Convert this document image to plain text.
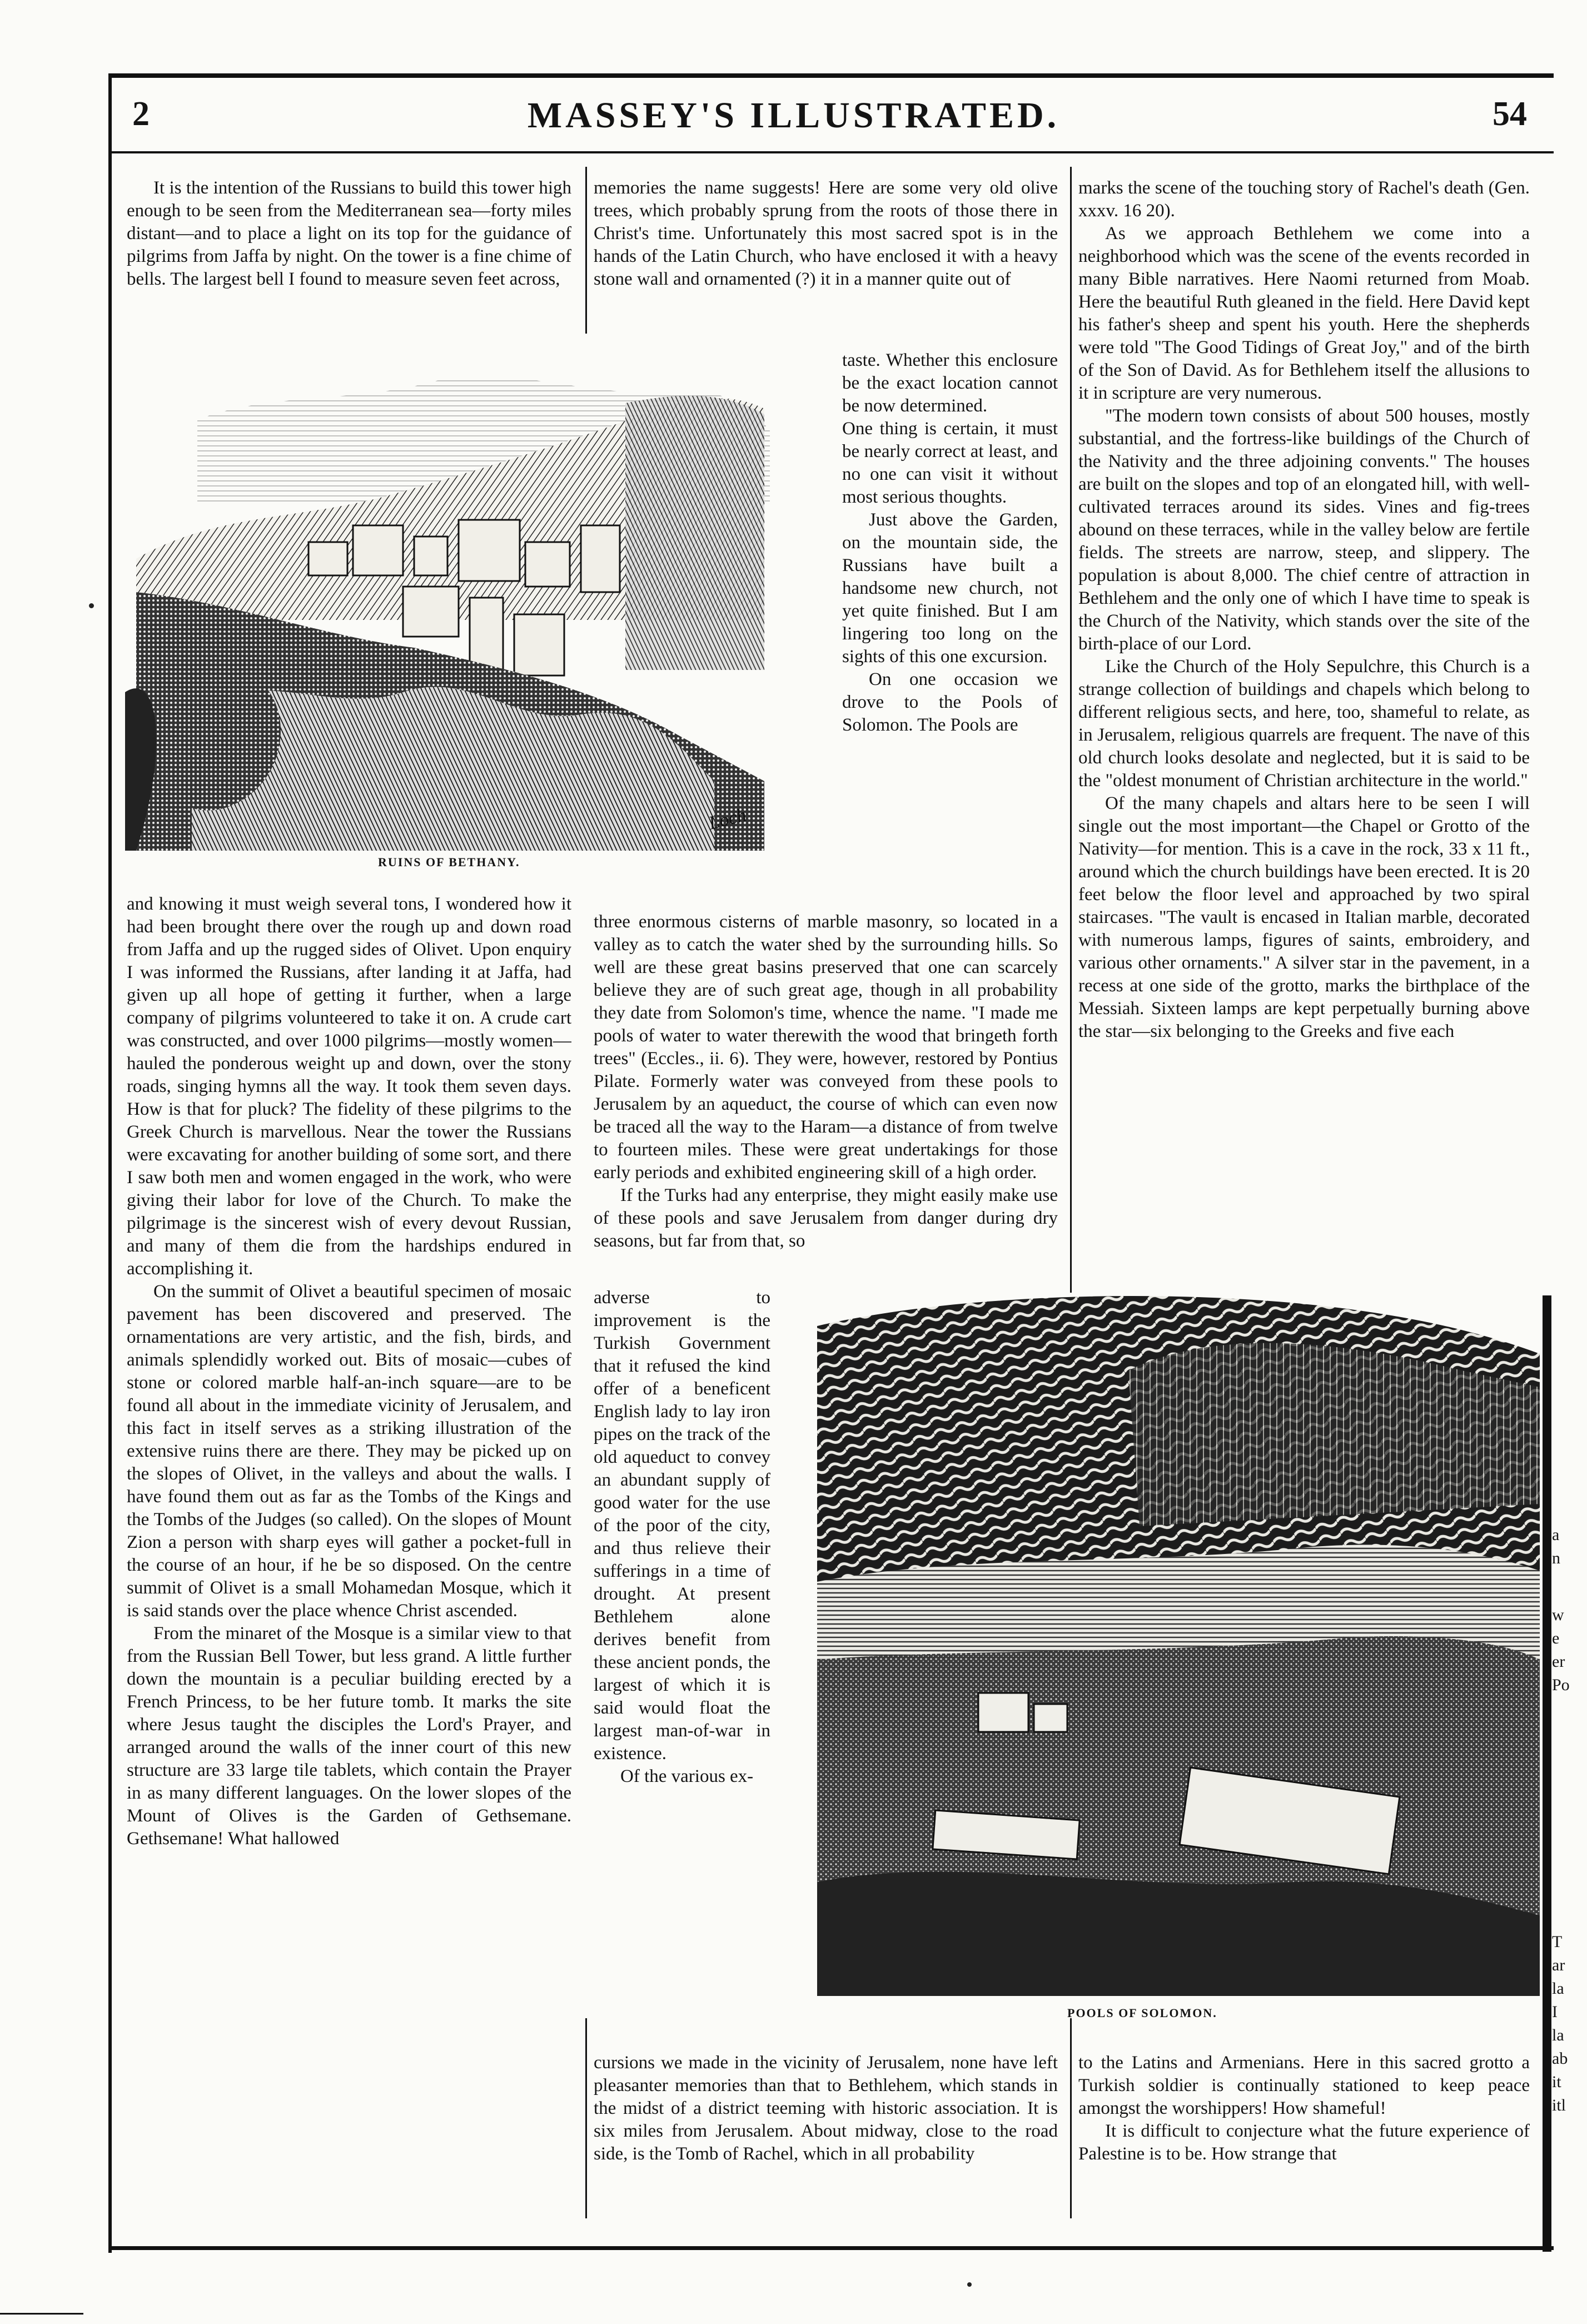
2	MASSEY'S ILLUSTRATED.	54

It is the intention of the Russians to build this tower high enough to be seen from the Mediterranean sea—forty miles distant—and to place a light on its top for the guidance of pilgrims from Jaffa by night. On the tower is a fine chime of bells. The largest bell I found to measure seven feet across,

Loch
RUINS OF BETHANY.

and knowing it must weigh several tons, I wondered how it had been brought there over the rough up and down road from Jaffa and up the rugged sides of Olivet. Upon enquiry I was informed the Russians, after landing it at Jaffa, had given up all hope of getting it further, when a large company of pilgrims volunteered to take it on. A crude cart was constructed, and over 1000 pilgrims—mostly women—hauled the ponderous weight up and down, over the stony roads, singing hymns all the way. It took them seven days. How is that for pluck? The fidelity of these pilgrims to the Greek Church is marvellous. Near the tower the Russians were excavating for another building of some sort, and there I saw both men and women engaged in the work, who were giving their labor for love of the Church. To make the pilgrimage is the sincerest wish of every devout Russian, and many of them die from the hardships endured in accomplishing it.

On the summit of Olivet a beautiful specimen of mosaic pavement has been discovered and preserved. The ornamentations are very artistic, and the fish, birds, and animals splendidly worked out. Bits of mosaic—cubes of stone or colored marble half-an-inch square—are to be found all about in the immediate vicinity of Jerusalem, and this fact in itself serves as a striking illustration of the extensive ruins there are there. They may be picked up on the slopes of Olivet, in the valleys and about the walls. I have found them out as far as the Tombs of the Kings and the Tombs of the Judges (so called). On the slopes of Mount Zion a person with sharp eyes will gather a pocket-full in the course of an hour, if he be so disposed. On the centre summit of Olivet is a small Mohamedan Mosque, which it is said stands over the place whence Christ ascended.

From the minaret of the Mosque is a similar view to that from the Russian Bell Tower, but less grand. A little further down the mountain is a peculiar building erected by a French Princess, to be her future tomb. It marks the site where Jesus taught the disciples the Lord's Prayer, and arranged around the walls of the inner court of this new structure are 33 large tile tablets, which contain the Prayer in as many different languages. On the lower slopes of the Mount of Olives is the Garden of Gethsemane. Gethsemane! What hallowed

memories the name suggests! Here are some very old olive trees, which probably sprung from the roots of those there in Christ's time. Unfortunately this most sacred spot is in the hands of the Latin Church, who have enclosed it with a heavy stone wall and ornamented (?) it in a manner quite out of

taste. Whether this enclosure be the exact location cannot be now determined.

One thing is certain, it must be nearly correct at least, and no one can visit it without most serious thoughts.

Just above the Garden, on the mountain side, the Russians have built a handsome new church, not yet quite finished. But I am lingering too long on the sights of this one excursion.

On one occasion we drove to the Pools of Solomon. The Pools are

three enormous cisterns of marble masonry, so located in a valley as to catch the water shed by the surrounding hills. So well are these great basins preserved that one can scarcely believe they are of such great age, though in all probability they date from Solomon's time, whence the name. "I made me pools of water to water therewith the wood that bringeth forth trees" (Eccles., ii. 6). They were, however, restored by Pontius Pilate. Formerly water was conveyed from these pools to Jerusalem by an aqueduct, the course of which can even now be traced all the way to the Haram—a distance of from twelve to fourteen miles. These were great undertakings for those early periods and exhibited engineering skill of a high order.

If the Turks had any enterprise, they might easily make use of these pools and save Jerusalem from danger during dry seasons, but far from that, so

adverse to improvement is the Turkish Government that it refused the kind offer of a beneficent English lady to lay iron pipes on the track of the old aqueduct to convey an abundant supply of good water for the use of the poor of the city, and thus relieve their sufferings in a time of drought. At present Bethlehem alone derives benefit from these ancient ponds, the largest of which it is said would float the largest man-of-war in existence.

Of the various ex-

cursions we made in the vicinity of Jerusalem, none have left pleasanter memories than that to Bethlehem, which stands in the midst of a district teeming with historic association. It is six miles from Jerusalem. About midway, close to the road side, is the Tomb of Rachel, which in all probability

POOLS OF SOLOMON.

marks the scene of the touching story of Rachel's death (Gen. xxxv. 16 20).

As we approach Bethlehem we come into a neighborhood which was the scene of the events recorded in many Bible narratives. Here Naomi returned from Moab. Here the beautiful Ruth gleaned in the field. Here David kept his father's sheep and spent his youth. Here the shepherds were told "The Good Tidings of Great Joy," and of the birth of the Son of David. As for Bethlehem itself the allusions to it in scripture are very numerous.

"The modern town consists of about 500 houses, mostly substantial, and the fortress-like buildings of the Church of the Nativity and the three adjoining convents." The houses are built on the slopes and top of an elongated hill, with well-cultivated terraces around its sides. Vines and fig-trees abound on these terraces, while in the valley below are fertile fields. The streets are narrow, steep, and slippery. The population is about 8,000. The chief centre of attraction in Bethlehem and the only one of which I have time to speak is the Church of the Nativity, which stands over the site of the birth-place of our Lord.

Like the Church of the Holy Sepulchre, this Church is a strange collection of buildings and chapels which belong to different religious sects, and here, too, shameful to relate, as in Jerusalem, religious quarrels are frequent. The nave of this old church looks desolate and neglected, but it is said to be the "oldest monument of Christian architecture in the world."

Of the many chapels and altars here to be seen I will single out the most important—the Chapel or Grotto of the Nativity—for mention. This is a cave in the rock, 33 x 11 ft., around which the church buildings have been erected. It is 20 feet below the floor level and approached by two spiral staircases. "The vault is encased in Italian marble, decorated with numerous lamps, figures of saints, embroidery, and various other ornaments." A silver star in the pavement, in a recess at one side of the grotto, marks the birthplace of the Messiah. Sixteen lamps are kept perpetually burning above the star—six belonging to the Greeks and five each

to the Latins and Armenians. Here in this sacred grotto a Turkish soldier is continually stationed to keep peace amongst the worshippers! How shameful!

It is difficult to conjecture what the future experience of Palestine is to be. How strange that

a
n
w
e
er
Po
T
ar
la
I
la
ab
it
itl
